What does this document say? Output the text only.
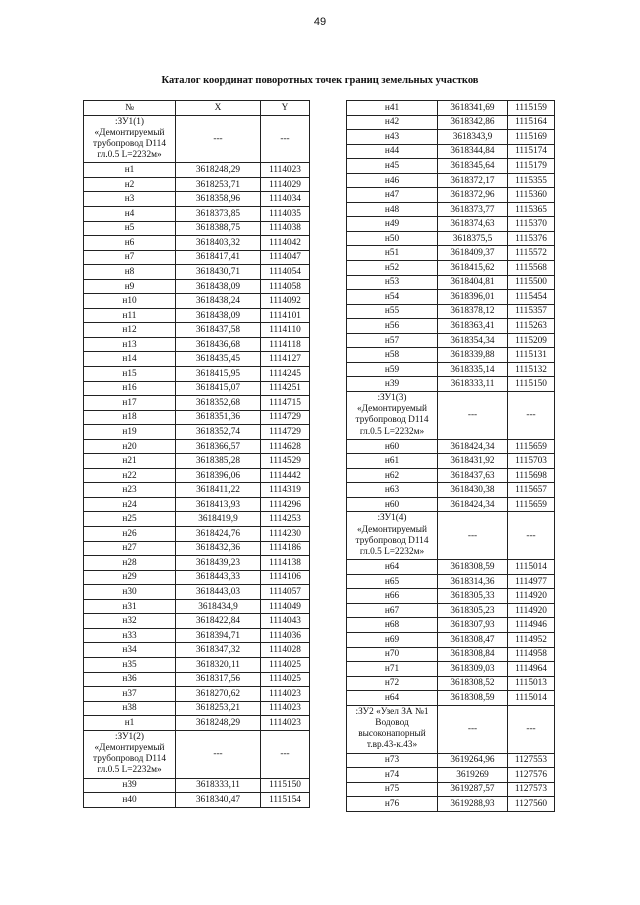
49
Каталог координат поворотных точек границ земельных участков
№	X	Y
:ЗУ1(1) «Демонтируемый трубопровод D114 гл.0.5 L=2232м»	---	---
н1	3618248,29	1114023
н2	3618253,71	1114029
н3	3618358,96	1114034
н4	3618373,85	1114035
н5	3618388,75	1114038
н6	3618403,32	1114042
н7	3618417,41	1114047
н8	3618430,71	1114054
н9	3618438,09	1114058
н10	3618438,24	1114092
н11	3618438,09	1114101
н12	3618437,58	1114110
н13	3618436,68	1114118
н14	3618435,45	1114127
н15	3618415,95	1114245
н16	3618415,07	1114251
н17	3618352,68	1114715
н18	3618351,36	1114729
н19	3618352,74	1114729
н20	3618366,57	1114628
н21	3618385,28	1114529
н22	3618396,06	1114442
н23	3618411,22	1114319
н24	3618413,93	1114296
н25	3618419,9	1114253
н26	3618424,76	1114230
н27	3618432,36	1114186
н28	3618439,23	1114138
н29	3618443,33	1114106
н30	3618443,03	1114057
н31	3618434,9	1114049
н32	3618422,84	1114043
н33	3618394,71	1114036
н34	3618347,32	1114028
н35	3618320,11	1114025
н36	3618317,56	1114025
н37	3618270,62	1114023
н38	3618253,21	1114023
н1	3618248,29	1114023
:ЗУ1(2) «Демонтируемый трубопровод D114 гл.0.5 L=2232м»	---	---
н39	3618333,11	1115150
н40	3618340,47	1115154
н41	3618341,69	1115159
н42	3618342,86	1115164
н43	3618343,9	1115169
н44	3618344,84	1115174
н45	3618345,64	1115179
н46	3618372,17	1115355
н47	3618372,96	1115360
н48	3618373,77	1115365
н49	3618374,63	1115370
н50	3618375,5	1115376
н51	3618409,37	1115572
н52	3618415,62	1115568
н53	3618404,81	1115500
н54	3618396,01	1115454
н55	3618378,12	1115357
н56	3618363,41	1115263
н57	3618354,34	1115209
н58	3618339,88	1115131
н59	3618335,14	1115132
н39	3618333,11	1115150
:ЗУ1(3) «Демонтируемый трубопровод D114 гл.0.5 L=2232м»	---	---
н60	3618424,34	1115659
н61	3618431,92	1115703
н62	3618437,63	1115698
н63	3618430,38	1115657
н60	3618424,34	1115659
:ЗУ1(4) «Демонтируемый трубопровод D114 гл.0.5 L=2232м»	---	---
н64	3618308,59	1115014
н65	3618314,36	1114977
н66	3618305,33	1114920
н67	3618305,23	1114920
н68	3618307,93	1114946
н69	3618308,47	1114952
н70	3618308,84	1114958
н71	3618309,03	1114964
н72	3618308,52	1115013
н64	3618308,59	1115014
:ЗУ2 «Узел ЗА №1 Водовод высоконапорный т.вр.43-к.43»	---	---
н73	3619264,96	1127553
н74	3619269	1127576
н75	3619287,57	1127573
н76	3619288,93	1127560
